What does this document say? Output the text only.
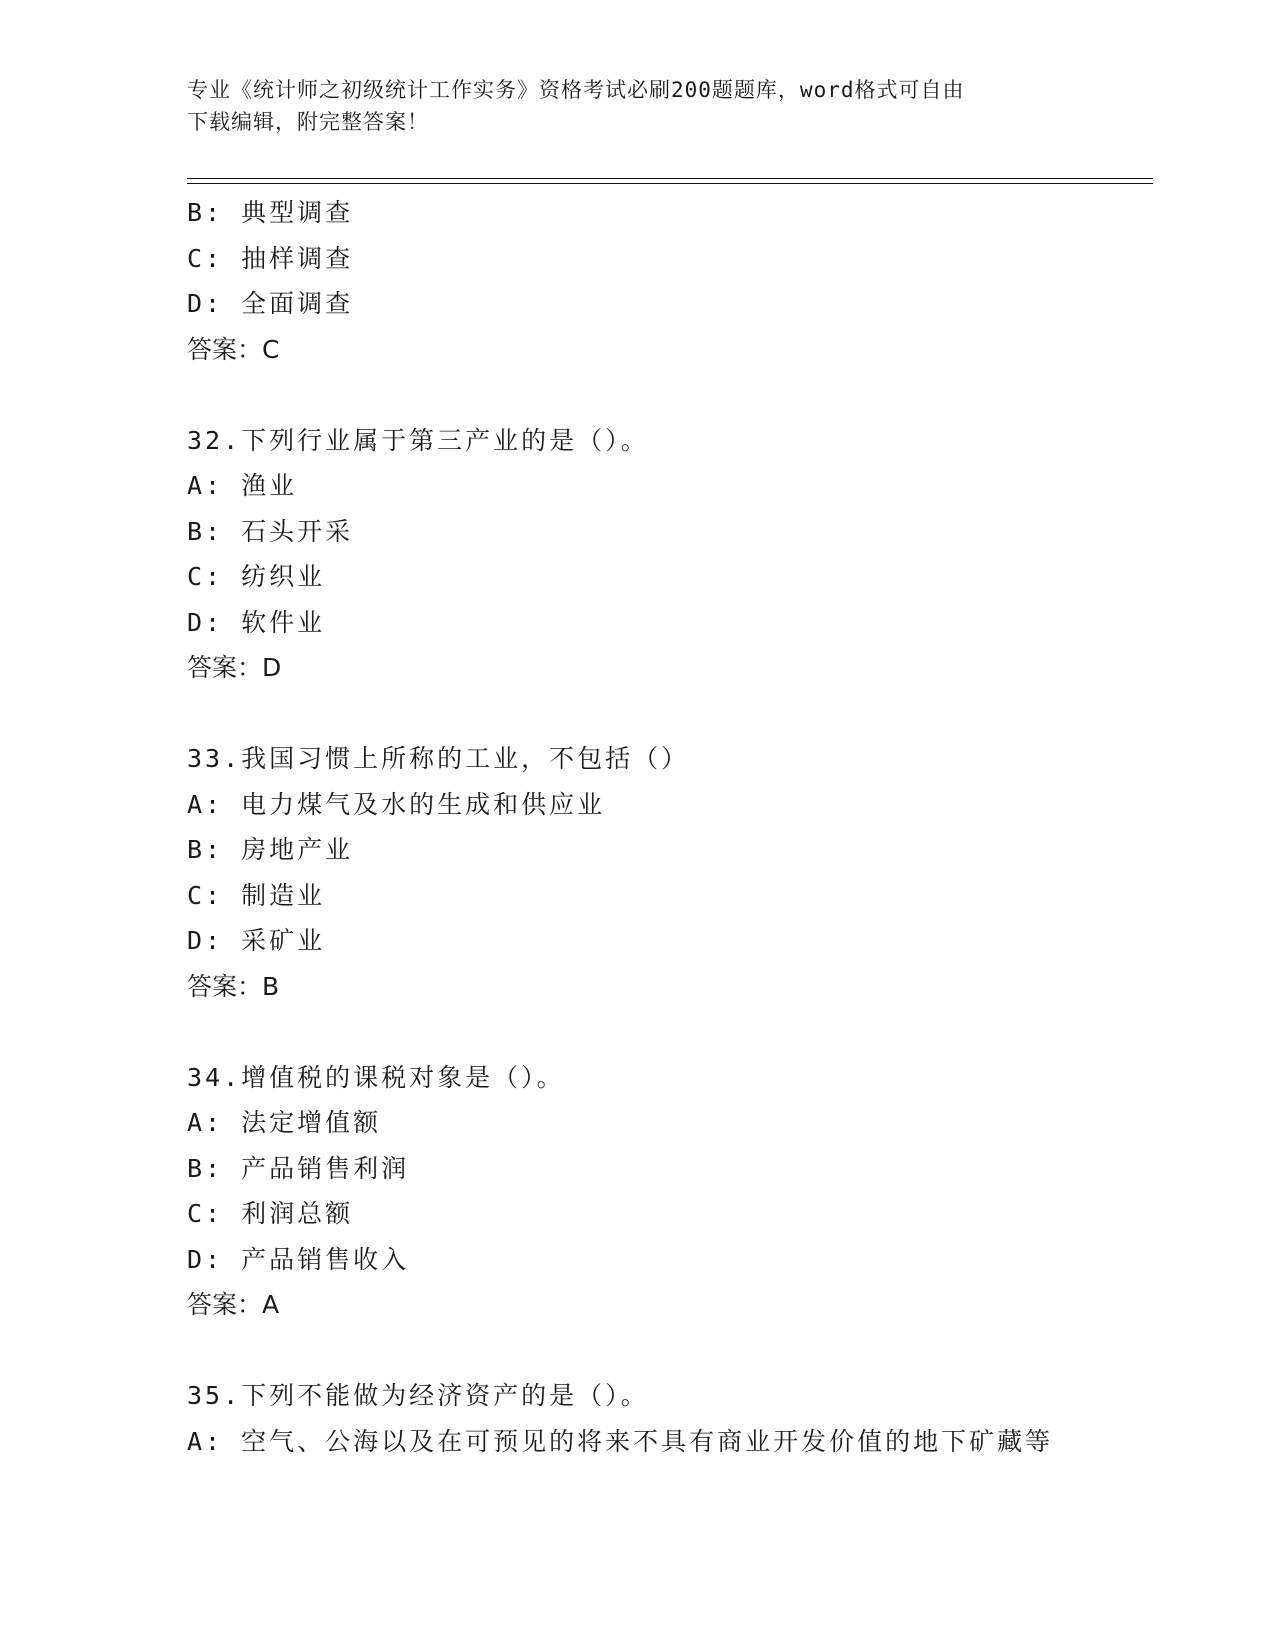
专业《统计师之初级统计工作实务》资格考试必刷200题题库，word格式可自由
下载编辑，附完整答案！
B: 典型调查
C: 抽样调查
D: 全面调查
答案：C
32.下列行业属于第三产业的是（）。
A: 渔业
B: 石头开采
C: 纺织业
D: 软件业
答案：D
33.我国习惯上所称的工业，不包括（）
A: 电力煤气及水的生成和供应业
B: 房地产业
C: 制造业
D: 采矿业
答案：B
34.增值税的课税对象是（）。
A: 法定增值额
B: 产品销售利润
C: 利润总额
D: 产品销售收入
答案：A
35.下列不能做为经济资产的是（）。
A: 空气、公海以及在可预见的将来不具有商业开发价值的地下矿藏等
